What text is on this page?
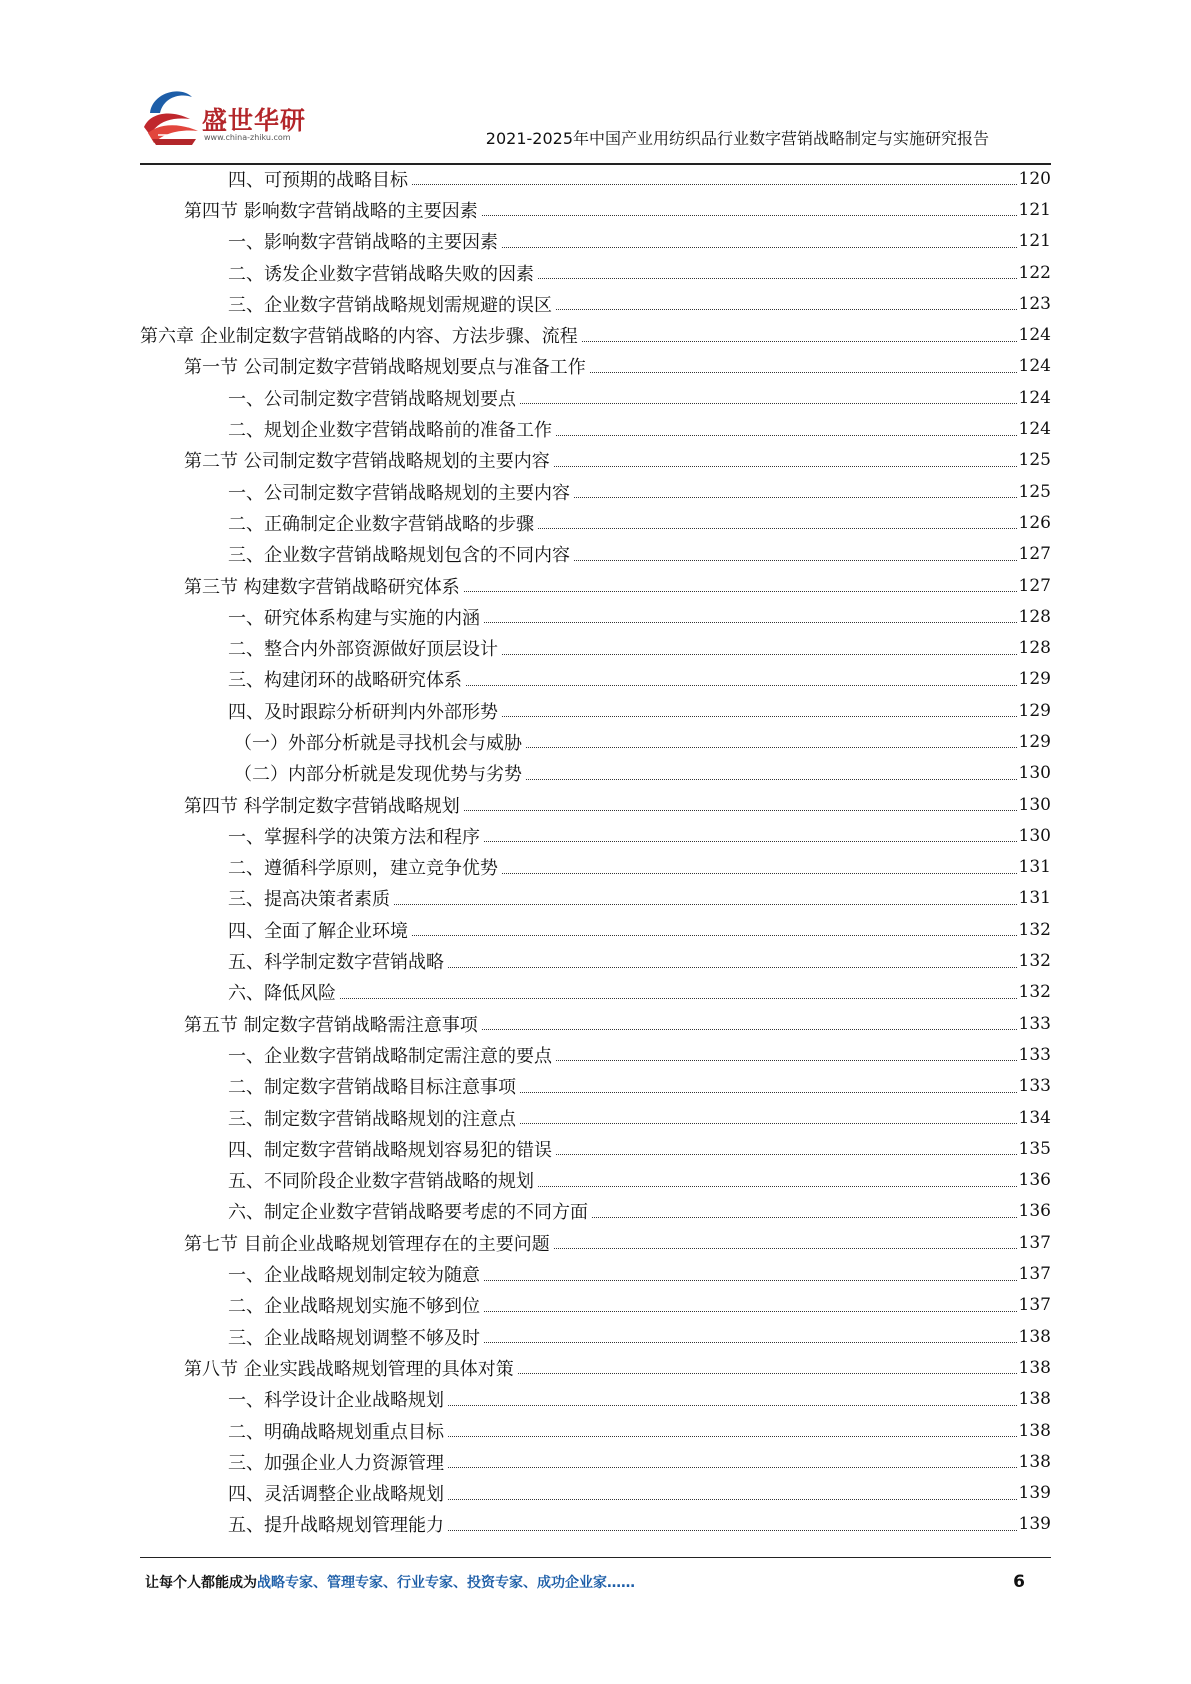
盛世华研
www.china-zhiku.com	2021-2025年中国产业用纺织品行业数字营销战略制定与实施研究报告
四、可预期的战略目标	120
第四节 影响数字营销战略的主要因素	121
一、影响数字营销战略的主要因素	121
二、诱发企业数字营销战略失败的因素	122
三、企业数字营销战略规划需规避的误区	123
第六章 企业制定数字营销战略的内容、方法步骤、流程	124
第一节 公司制定数字营销战略规划要点与准备工作	124
一、公司制定数字营销战略规划要点	124
二、规划企业数字营销战略前的准备工作	124
第二节 公司制定数字营销战略规划的主要内容	125
一、公司制定数字营销战略规划的主要内容	125
二、正确制定企业数字营销战略的步骤	126
三、企业数字营销战略规划包含的不同内容	127
第三节 构建数字营销战略研究体系	127
一、研究体系构建与实施的内涵	128
二、整合内外部资源做好顶层设计	128
三、构建闭环的战略研究体系	129
四、及时跟踪分析研判内外部形势	129
（一）外部分析就是寻找机会与威胁	129
（二）内部分析就是发现优势与劣势	130
第四节 科学制定数字营销战略规划	130
一、掌握科学的决策方法和程序	130
二、遵循科学原则，建立竞争优势	131
三、提高决策者素质	131
四、全面了解企业环境	132
五、科学制定数字营销战略	132
六、降低风险	132
第五节 制定数字营销战略需注意事项	133
一、企业数字营销战略制定需注意的要点	133
二、制定数字营销战略目标注意事项	133
三、制定数字营销战略规划的注意点	134
四、制定数字营销战略规划容易犯的错误	135
五、不同阶段企业数字营销战略的规划	136
六、制定企业数字营销战略要考虑的不同方面	136
第七节 目前企业战略规划管理存在的主要问题	137
一、企业战略规划制定较为随意	137
二、企业战略规划实施不够到位	137
三、企业战略规划调整不够及时	138
第八节 企业实践战略规划管理的具体对策	138
一、科学设计企业战略规划	138
二、明确战略规划重点目标	138
三、加强企业人力资源管理	138
四、灵活调整企业战略规划	139
五、提升战略规划管理能力	139
让每个人都能成为战略专家、管理专家、行业专家、投资专家、成功企业家……	6
